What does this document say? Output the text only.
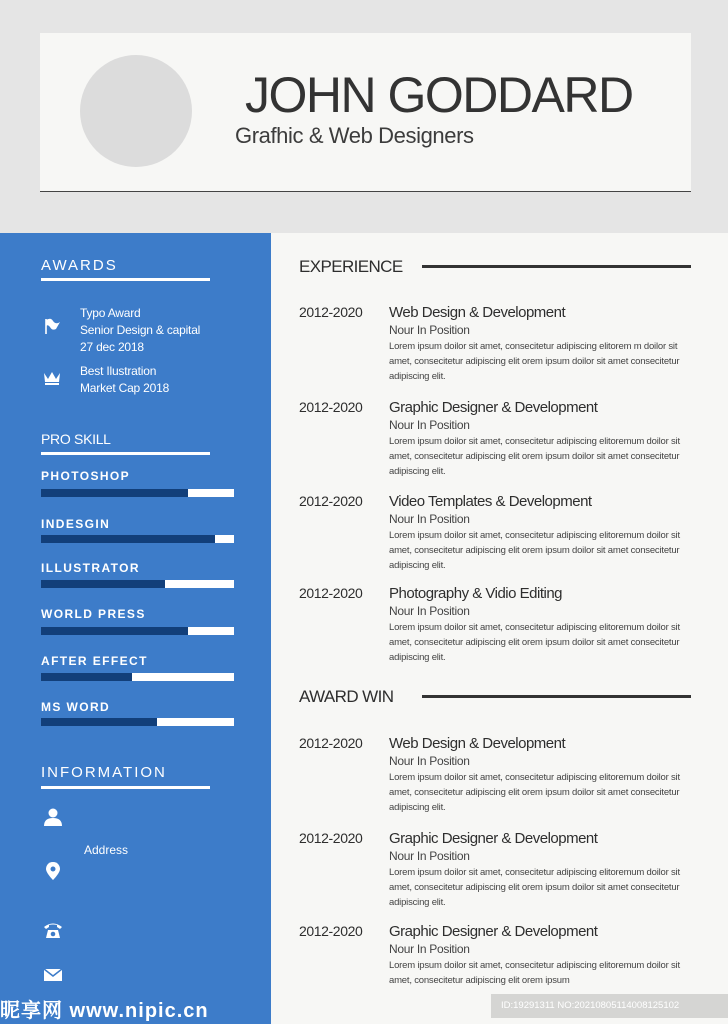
JOHN GODDARD
Grafhic & Web Designers
AWARDS
Typo Award
Senior Design & capital
27 dec 2018
Best Ilustration
Market Cap 2018
PRO SKILL
PHOTOSHOP
INDESGIN
ILLUSTRATOR
WORLD PRESS
AFTER EFFECT
MS WORD
INFORMATION
Address
EXPERIENCE
2012-2020 Web Design & Development
Nour In Position
Lorem ipsum doilor sit amet, consecitetur adipiscing elitorem m doilor sit amet, consecitetur adipiscing elit orem ipsum doilor sit amet consecitetur adipiscing elit.
2012-2020 Graphic Designer & Development
Nour In Position
Lorem ipsum doilor sit amet, consecitetur adipiscing elitoremum doilor sit amet, consecitetur adipiscing elit orem ipsum doilor sit amet consecitetur adipiscing elit.
2012-2020 Video Templates & Development
Nour In Position
Lorem ipsum doilor sit amet, consecitetur adipiscing elitoremum doilor sit amet, consecitetur adipiscing elit orem ipsum doilor sit amet consecitetur adipiscing elit.
2012-2020 Photography & Vidio Editing
Nour In Position
Lorem ipsum doilor sit amet, consecitetur adipiscing elitoremum doilor sit amet, consecitetur adipiscing elit orem ipsum doilor sit amet consecitetur adipiscing elit.
AWARD WIN
2012-2020 Web Design & Development
Nour In Position
Lorem ipsum doilor sit amet, consecitetur adipiscing elitoremum doilor sit amet, consecitetur adipiscing elit orem ipsum doilor sit amet consecitetur adipiscing elit.
2012-2020 Graphic Designer & Development
Nour In Position
Lorem ipsum doilor sit amet, consecitetur adipiscing elitoremum doilor sit amet, consecitetur adipiscing elit orem ipsum doilor sit amet consecitetur adipiscing elit.
2012-2020 Graphic Designer & Development
Nour In Position
Lorem ipsum doilor sit amet, consecitetur adipiscing elitoremum doilor sit amet, consecitetur adipiscing elit orem ipsum
昵享网 www.nipic.cn	ID:19291311 NO:20210805114008125102
